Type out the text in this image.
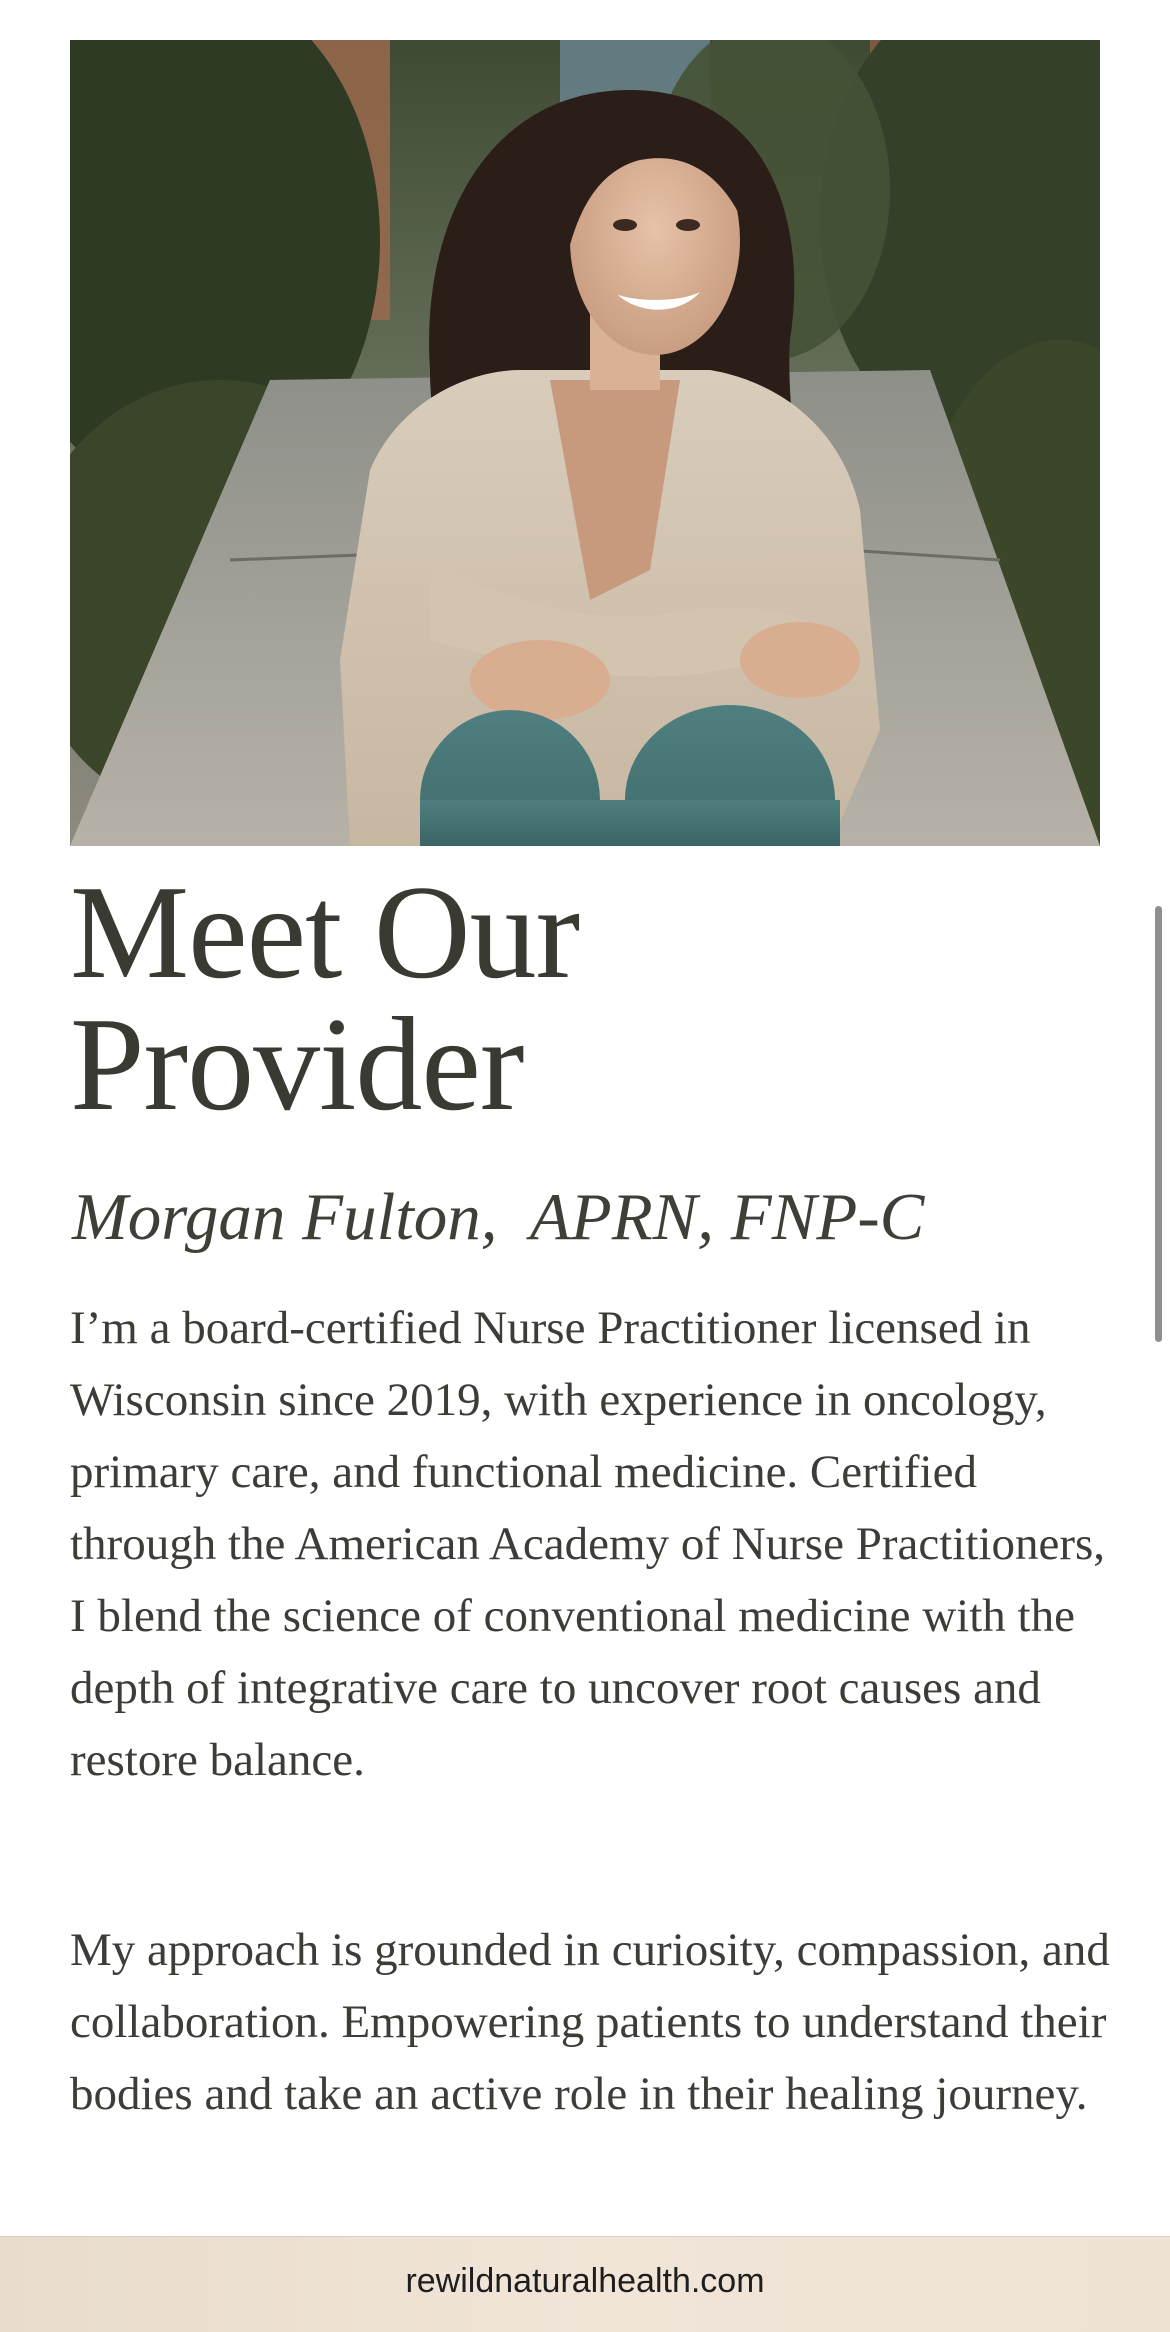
Meet Our
Provider

Morgan Fulton,  APRN, FNP-C

I’m a board-certified Nurse Practitioner licensed in Wisconsin since 2019, with experience in oncology, primary care, and functional medicine. Certified through the American Academy of Nurse Practitioners, I blend the science of conventional medicine with the depth of integrative care to uncover root causes and restore balance.

My approach is grounded in curiosity, compassion, and collaboration. Empowering patients to understand their bodies and take an active role in their healing journey.

rewildnaturalhealth.com
